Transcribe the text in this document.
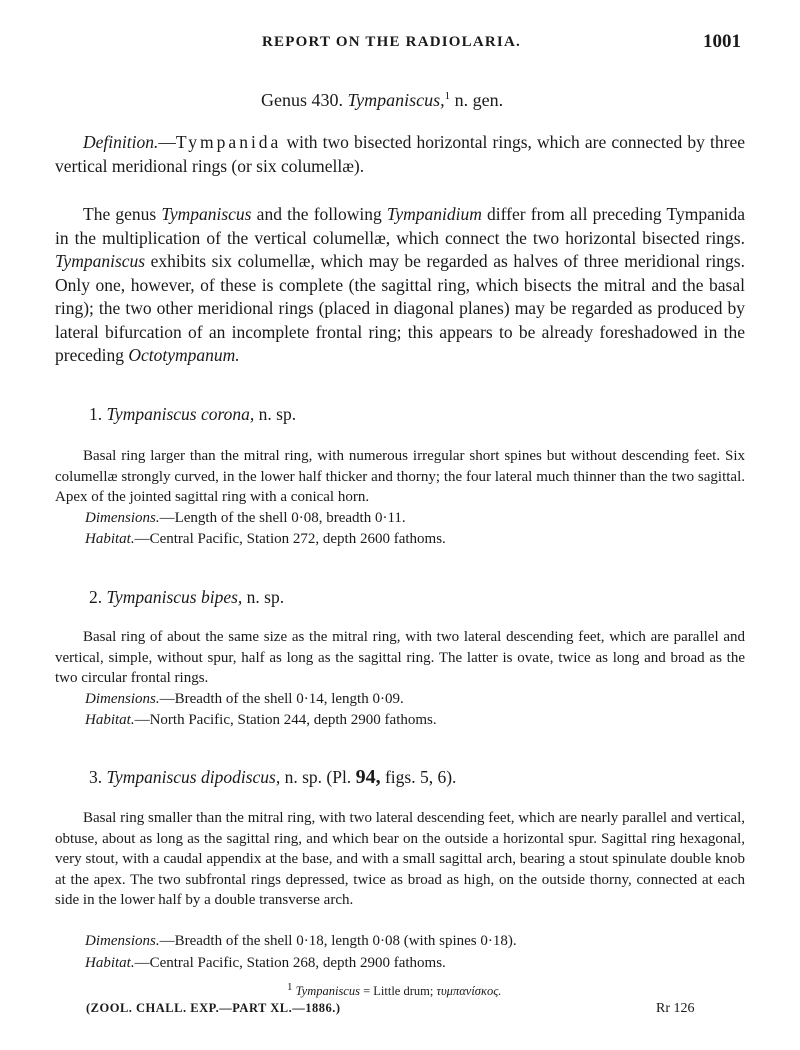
REPORT ON THE RADIOLARIA.	1001
Genus 430. Tympaniscus,$^1$ n. gen.
Definition.—Tympanida with two bisected horizontal rings, which are connected by three vertical meridional rings (or six columellæ).
The genus Tympaniscus and the following Tympanidium differ from all preceding Tympanida in the multiplication of the vertical columellæ, which connect the two horizontal bisected rings. Tympaniscus exhibits six columellæ, which may be regarded as halves of three meridional rings. Only one, however, of these is complete (the sagittal ring, which bisects the mitral and the basal ring); the two other meridional rings (placed in diagonal planes) may be regarded as produced by lateral bifurcation of an incomplete frontal ring; this appears to be already foreshadowed in the preceding Octotympanum.
1. Tympaniscus corona, n. sp.
Basal ring larger than the mitral ring, with numerous irregular short spines but without descending feet. Six columellæ strongly curved, in the lower half thicker and thorny; the four lateral much thinner than the two sagittal. Apex of the jointed sagittal ring with a conical horn.
Dimensions.—Length of the shell 0·08, breadth 0·11.
Habitat.—Central Pacific, Station 272, depth 2600 fathoms.
2. Tympaniscus bipes, n. sp.
Basal ring of about the same size as the mitral ring, with two lateral descending feet, which are parallel and vertical, simple, without spur, half as long as the sagittal ring. The latter is ovate, twice as long and broad as the two circular frontal rings.
Dimensions.—Breadth of the shell 0·14, length 0·09.
Habitat.—North Pacific, Station 244, depth 2900 fathoms.
3. Tympaniscus dipodiscus, n. sp. (Pl. 94, figs. 5, 6).
Basal ring smaller than the mitral ring, with two lateral descending feet, which are nearly parallel and vertical, obtuse, about as long as the sagittal ring, and which bear on the outside a horizontal spur. Sagittal ring hexagonal, very stout, with a caudal appendix at the base, and with a small sagittal arch, bearing a stout spinulate double knob at the apex. The two subfrontal rings depressed, twice as broad as high, on the outside thorny, connected at each side in the lower half by a double transverse arch.
Dimensions.—Breadth of the shell 0·18, length 0·08 (with spines 0·18).
Habitat.—Central Pacific, Station 268, depth 2900 fathoms.
1 Tympaniscus = Little drum; τυμπανίσκος.
(ZOOL. CHALL. EXP.—PART XL.—1886.)	Rr 126
